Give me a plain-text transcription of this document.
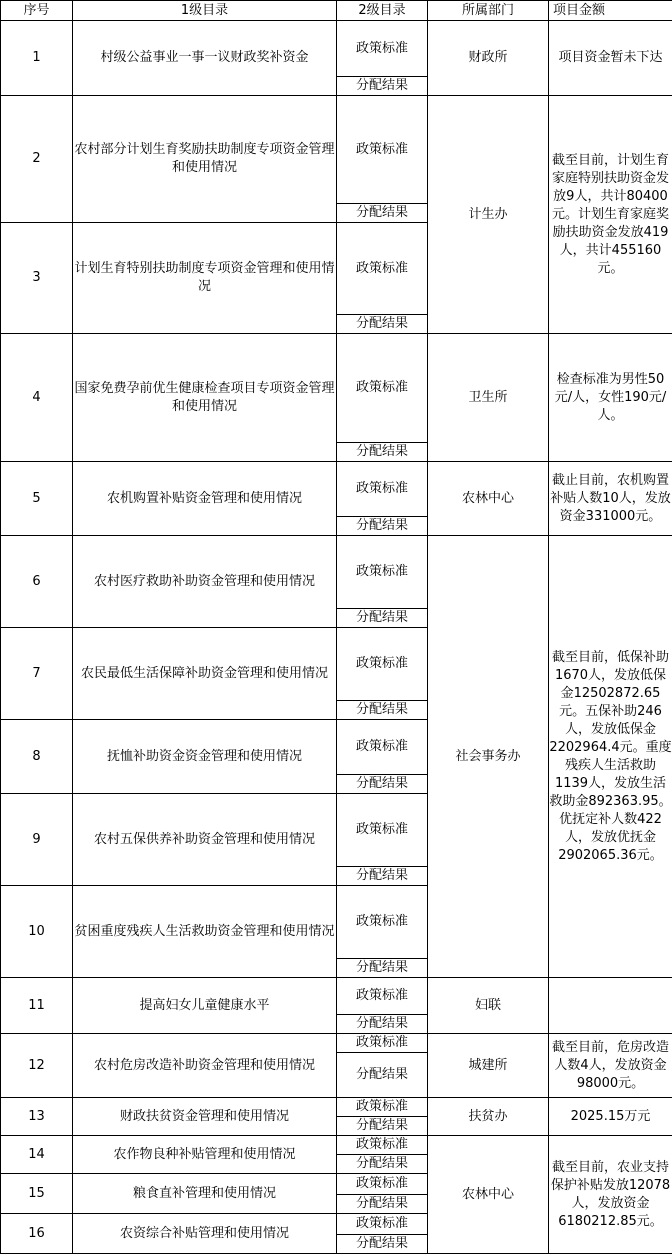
序号	1级目录	2级目录	所属部门	项目金额
1	村级公益事业一事一议财政奖补资金	政策标准	财政所	项目资金暂未下达
		分配结果		
2	农村部分计划生育奖励扶助制度专项资金管理和使用情况	政策标准	计生办	截至目前，计划生育家庭特别扶助资金发放9人，共计80400元。计划生育家庭奖励扶助资金发放419人，共计455160元。
		分配结果		
3	计划生育特别扶助制度专项资金管理和使用情况	政策标准		
		分配结果		
4	国家免费孕前优生健康检查项目专项资金管理和使用情况	政策标准	卫生所	检查标准为男性50元/人，女性190元/人。
		分配结果		
5	农机购置补贴资金管理和使用情况	政策标准	农林中心	截止目前，农机购置补贴人数10人，发放资金331000元。
		分配结果		
6	农村医疗救助补助资金管理和使用情况	政策标准	社会事务办	截至目前，低保补助1670人，发放低保金12502872.65元。五保补助246人，发放低保金2202964.4元。重度残疾人生活救助1139人，发放生活救助金892363.95。优抚定补人数422人，发放优抚金2902065.36元。
		分配结果		
7	农民最低生活保障补助资金管理和使用情况	政策标准		
		分配结果		
8	抚恤补助资金资金管理和使用情况	政策标准		
		分配结果		
9	农村五保供养补助资金管理和使用情况	政策标准		
		分配结果		
10	贫困重度残疾人生活救助资金管理和使用情况	政策标准		
		分配结果		
11	提高妇女儿童健康水平	政策标准	妇联	
		分配结果		
12	农村危房改造补助资金管理和使用情况	政策标准	城建所	截至目前，危房改造人数4人，发放资金98000元。
		分配结果		
13	财政扶贫资金管理和使用情况	政策标准	扶贫办	2025.15万元
		分配结果		
14	农作物良种补贴管理和使用情况	政策标准	农林中心	截至目前，农业支持保护补贴发放12078人，发放资金6180212.85元。
		分配结果		
15	粮食直补管理和使用情况	政策标准		
		分配结果		
16	农资综合补贴管理和使用情况	政策标准		
		分配结果		
